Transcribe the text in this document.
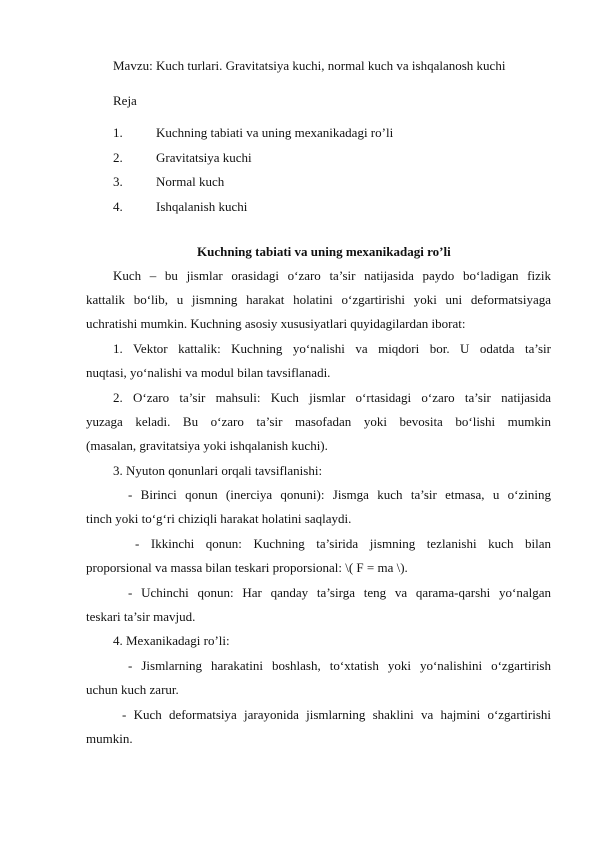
Mavzu: Kuch turlari. Gravitatsiya kuchi, normal kuch va ishqalanosh kuchi
Reja
1.	Kuchning tabiati va uning mexanikadagi ro’li
2.	Gravitatsiya kuchi
3.	Normal kuch
4.	Ishqalanish kuchi
Kuchning tabiati va uning mexanikadagi ro’li
Kuch – bu jismlar orasidagi o‘zaro ta’sir natijasida paydo bo‘ladigan fizik
kattalik bo‘lib, u jismning harakat holatini o‘zgartirishi yoki uni deformatsiyaga
uchratishi mumkin. Kuchning asosiy xususiyatlari quyidagilardan iborat:
1. Vektor kattalik: Kuchning yo‘nalishi va miqdori bor. U odatda ta’sir
nuqtasi, yo‘nalishi va modul bilan tavsiflanadi.
2. O‘zaro ta’sir mahsuli: Kuch jismlar o‘rtasidagi o‘zaro ta’sir natijasida
yuzaga keladi. Bu o‘zaro ta’sir masofadan yoki bevosita bo‘lishi mumkin
(masalan, gravitatsiya yoki ishqalanish kuchi).
3. Nyuton qonunlari orqali tavsiflanishi:
- Birinci qonun (inerciya qonuni): Jismga kuch ta’sir etmasa, u o‘zining
tinch yoki to‘g‘ri chiziqli harakat holatini saqlaydi.
- Ikkinchi qonun: Kuchning ta’sirida jismning tezlanishi kuch bilan
proporsional va massa bilan teskari proporsional: \( F = ma \).
- Uchinchi qonun: Har qanday ta’sirga teng va qarama-qarshi yo‘nalgan
teskari ta’sir mavjud.
4. Mexanikadagi ro’li:
- Jismlarning harakatini boshlash, to‘xtatish yoki yo‘nalishini o‘zgartirish
uchun kuch zarur.
- Kuch deformatsiya jarayonida jismlarning shaklini va hajmini o‘zgartirishi
mumkin.
